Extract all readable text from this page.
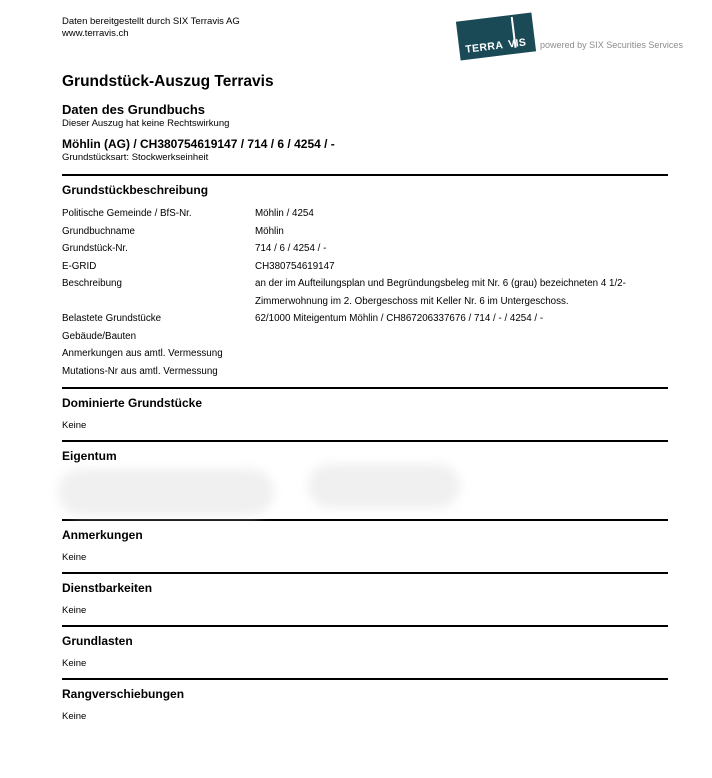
Daten bereitgestellt durch SIX Terravis AG
www.terravis.ch
TERRA VIS	powered by SIX Securities Services
Grundstück-Auszug Terravis
Daten des Grundbuchs
Dieser Auszug hat keine Rechtswirkung
Möhlin (AG) / CH380754619147 / 714 / 6 / 4254 / -
Grundstücksart: Stockwerkseinheit
Grundstückbeschreibung
Politische Gemeinde / BfS-Nr.	Möhlin / 4254
Grundbuchname	Möhlin
Grundstück-Nr.	714 / 6 / 4254 / -
E-GRID	CH380754619147
Beschreibung	an der im Aufteilungsplan und Begründungsbeleg mit Nr. 6 (grau) bezeichneten 4 1/2-Zimmerwohnung im 2. Obergeschoss mit Keller Nr. 6 im Untergeschoss.
Belastete Grundstücke	62/1000 Miteigentum Möhlin / CH867206337676 / 714 / - / 4254 / -
Gebäude/Bauten
Anmerkungen aus amtl. Vermessung
Mutations-Nr aus amtl. Vermessung
Dominierte Grundstücke
Keine
Eigentum
Anmerkungen
Keine
Dienstbarkeiten
Keine
Grundlasten
Keine
Rangverschiebungen
Keine
